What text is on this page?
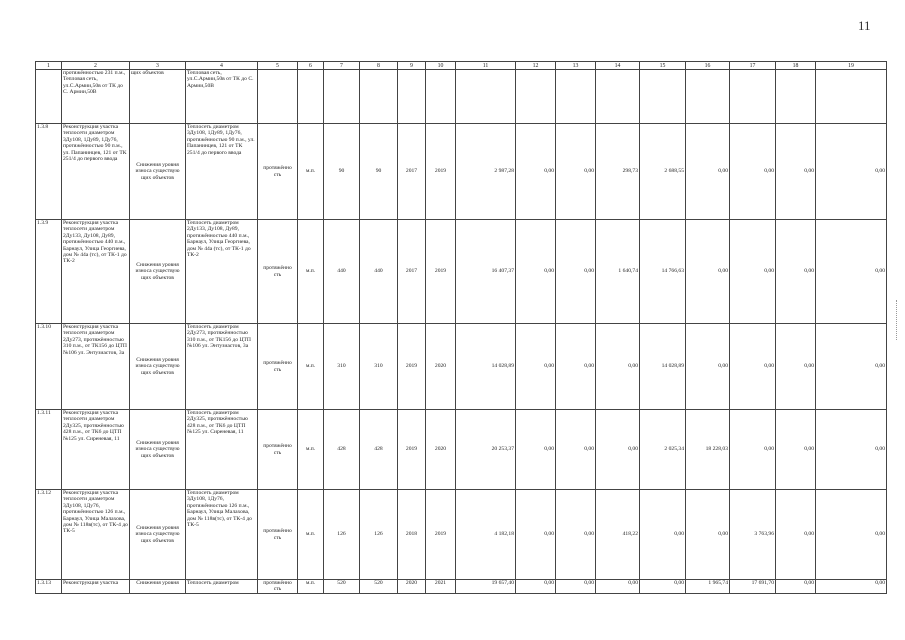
11
1	2	3	4	5	6	7	8	9	10	11	12	13	14	15	16	17	18	19
	протяжённостью 231 п.м., Тепловая сеть, ул.С.Армии,50в от ТК до С. Армии,50В	щих объектов	Тепловая сеть, ул.С.Армии,50в от ТК до С. Армии,50В															
1.3.8	Реконструкция участка теплосети диаметром 3Ду108, 1Ду89, 1Ду76, протяжённостью 90 п.м., ул. Папанинцев, 121 от ТК 251/4 до первого ввода	Снижения уровня износа существую щих объектов	Теплосеть диаметром 3Ду108, 1Ду89, 1Ду76, протяжённостью 90 п.м., ул. Папанинцев, 121 от ТК 251/4 до первого ввода	протяжённо сть	м.п.	90	90	2017	2019	2 987,28	0,00	0,00	298,73	2 688,55	0,00	0,00	0,00	0,00
1.3.9	Реконструкция участка теплосети диаметром 2Ду133, Ду108, Ду89, протяжённостью 440 п.м., Барнаул, Улица Георгиева, дом № 44а (тс), от ТК-1 до ТК-2	Снижения уровня износа существую щих объектов	Теплосеть диаметром 2Ду133, Ду108, Ду89, протяжённостью 440 п.м., Барнаул, Улица Георгиева, дом № 44а (тс), от ТК-1 до ТК-2	протяжённо сть	м.п.	440	440	2017	2019	16 407,37	0,00	0,00	1 640,74	14 766,63	0,00	0,00	0,00	0,00
1.3.10	Реконструкция участка теплосети диаметром 2Ду273, протяжённостью 310 п.м., от ТК156 до ЦТП №106 ул. Энтузиастов, 3а	Снижения уровня износа существую щих объектов	Теплосеть диаметром 2Ду273, протяжённостью 310 п.м., от ТК156 до ЦТП №106 ул. Энтузиастов, 3а	протяжённо сть	м.п.	310	310	2019	2020	14 028,89	0,00	0,00	0,00	14 028,89	0,00	0,00	0,00	0,00
1.3.11	Реконструкция участка теплосети диаметром 2Ду325, протяжённостью 428 п.м., от ТК6 до ЦТП №125 ул. Сиреневая, 11	Снижения уровня износа существую щих объектов	Теплосеть диаметром 2Ду325, протяжённостью 428 п.м., от ТК6 до ЦТП №125 ул. Сиреневая, 11	протяжённо сть	м.п.	428	428	2019	2020	20 253,37	0,00	0,00	0,00	2 025,34	18 228,03	0,00	0,00	0,00
1.3.12	Реконструкция участка теплосети диаметром 3Ду108, 1Ду76, протяжённостью 126 п.м., Барнаул, Улица Малахова, дом № 118в(тс), от ТК-4 до ТК-5	Снижения уровня износа существую щих объектов	Теплосеть диаметром 3Ду108, 1Ду76, протяжённостью 126 п.м., Барнаул, Улица Малахова, дом № 118в(тс), от ТК-4 до ТК-5	протяжённо сть	м.п.	126	126	2018	2019	4 182,18	0,00	0,00	418,22	0,00	0,00	3 763,96	0,00	0,00
1.3.13	Реконструкция участка	Снижения уровня	Теплосеть диаметром	протяжённо сть	м.п.	520	520	2020	2021	19 657,40	0,00	0,00	0,00	0,00	1 965,74	17 691,70	0,00	0,00
